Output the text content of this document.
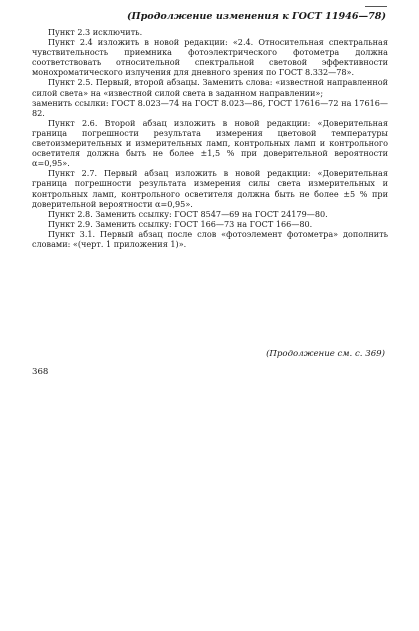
(Продолжение изменения к ГОСТ 11946—78)

Пункт 2.3 исключить.

Пункт 2.4 изложить в новой редакции: «2.4. Относительная спектральная чувствительность приемника фотоэлектрического фотометра должна соответствовать относительной спектральной световой эффективности монохроматического излучения для дневного зрения по ГОСТ 8.332—78».

Пункт 2.5. Первый, второй абзацы. Заменить слова: «известной направленной силой света» на «известной силой света в заданном направлении»;

заменить ссылки: ГОСТ 8.023—74 на ГОСТ 8.023—86, ГОСТ 17616—72 на 17616—82.

Пункт 2.6. Второй абзац изложить в новой редакции: «Доверительная граница погрешности результата измерения цветовой температуры светоизмерительных и измерительных ламп, контрольных ламп и контрольного осветителя должна быть не более ±1,5 % при доверительной вероятности α=0,95».

Пункт 2.7. Первый абзац изложить в новой редакции: «Доверительная граница погрешности результата измерения силы света измерительных и контрольных ламп, контрольного осветителя должна быть не более ±5 % при доверительной вероятности α=0,95».

Пункт 2.8. Заменить ссылку: ГОСТ 8547—69 на ГОСТ 24179—80.

Пункт 2.9. Заменить ссылку: ГОСТ 166—73 на ГОСТ 166—80.

Пункт 3.1. Первый абзац после слов «фотоэлемент фотометра» дополнить словами: «(черт. 1 приложения 1)».

(Продолжение см. с. 369)
368
